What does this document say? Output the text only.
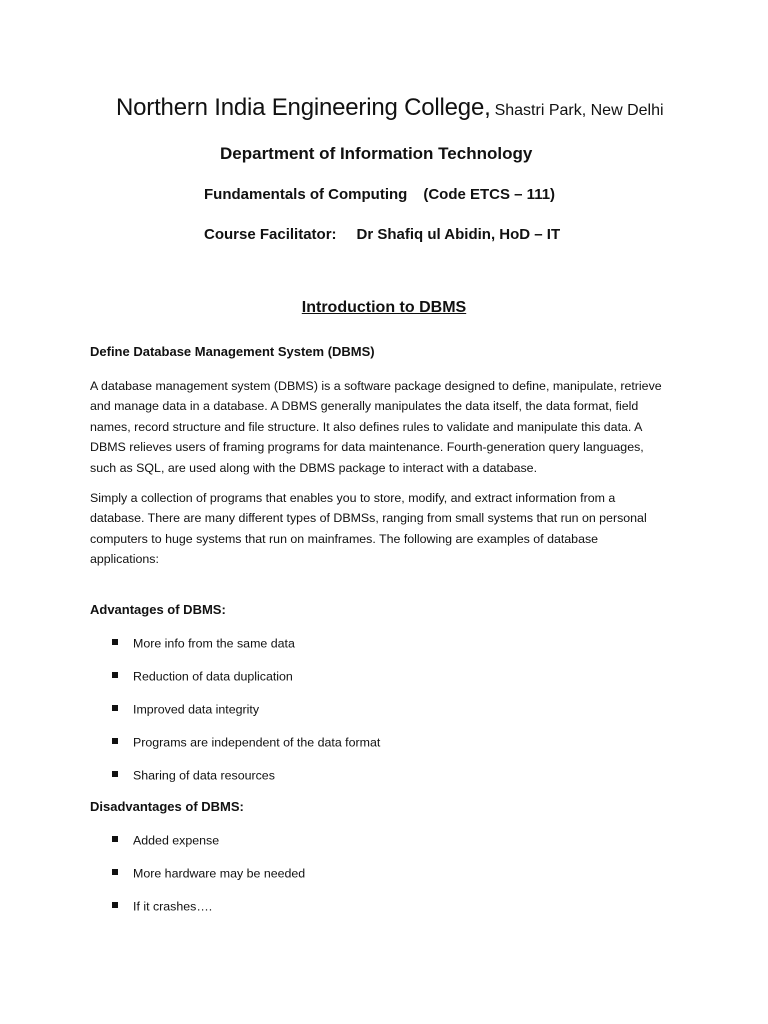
Northern India Engineering College, Shastri Park, New Delhi
Department of Information Technology
Fundamentals of Computing (Code ETCS – 111)
Course Facilitator: Dr Shafiq ul Abidin, HoD – IT
Introduction to DBMS
Define Database Management System (DBMS)
A database management system (DBMS) is a software package designed to define, manipulate, retrieve
and manage data in a database. A DBMS generally manipulates the data itself, the data format, field
names, record structure and file structure. It also defines rules to validate and manipulate this data. A
DBMS relieves users of framing programs for data maintenance. Fourth-generation query languages,
such as SQL, are used along with the DBMS package to interact with a database.
Simply a collection of programs that enables you to store, modify, and extract information from a
database. There are many different types of DBMSs, ranging from small systems that run on personal
computers to huge systems that run on mainframes. The following are examples of database
applications:
Advantages of DBMS:
More info from the same data
Reduction of data duplication
Improved data integrity
Programs are independent of the data format
Sharing of data resources
Disadvantages of DBMS:
Added expense
More hardware may be needed
If it crashes….
